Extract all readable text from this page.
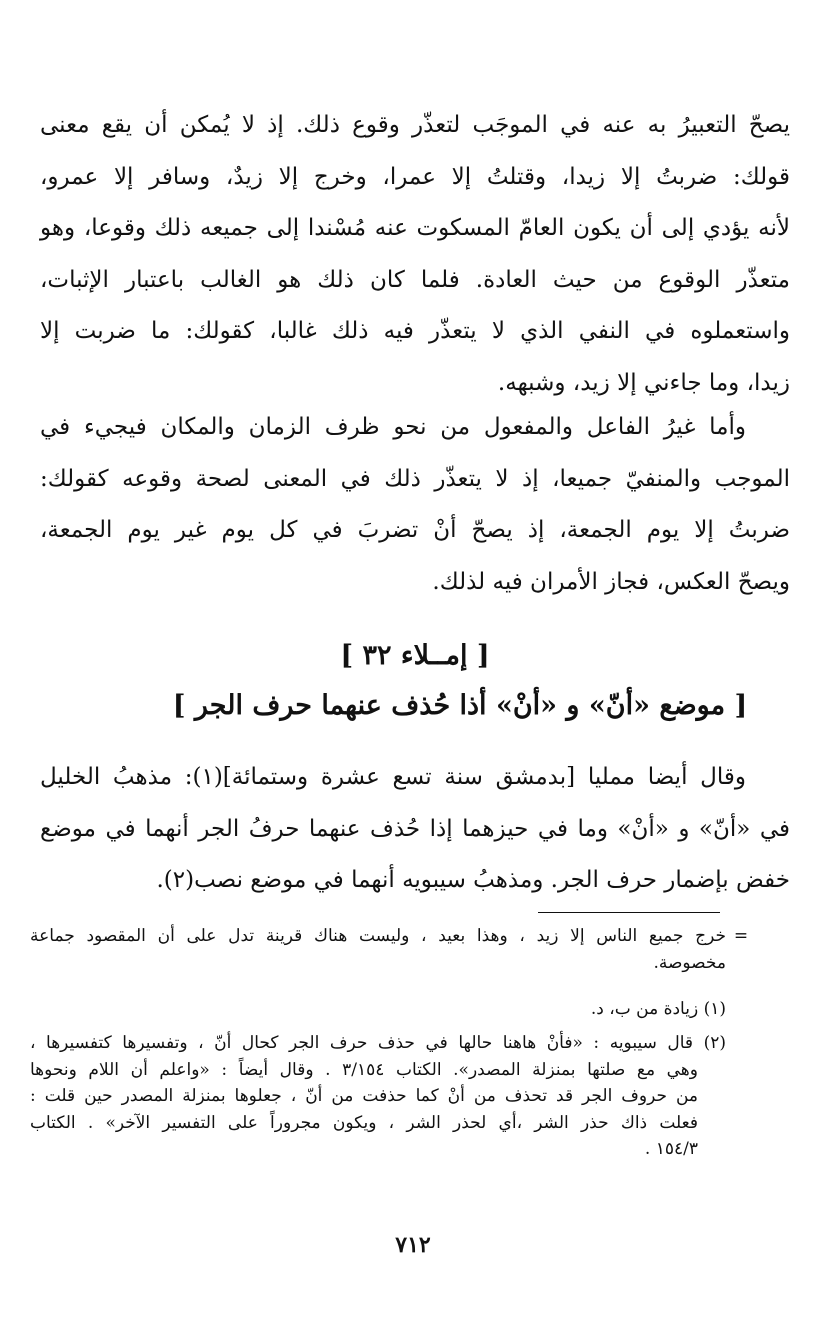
يصحّ التعبيرُ به عنه في الموجَب لتعذّر وقوع ذلك. إذ لا يُمكن أن يقع معنى
قولك: ضربتُ إلا زيدا، وقتلتُ إلا عمرا، وخرج إلا زيدٌ، وسافر إلا عمرو،
لأنه يؤدي إلى أن يكون العامّ المسكوت عنه مُسْندا إلى جميعه ذلك وقوعا، وهو
متعذّر الوقوع من حيث العادة. فلما كان ذلك هو الغالب باعتبار الإثبات،
واستعملوه في النفي الذي لا يتعذّر فيه ذلك غالبا، كقولك: ما ضربت إلا
زيدا، وما جاءني إلا زيد، وشبهه.
وأما غيرُ الفاعل والمفعول من نحو ظرف الزمان والمكان فيجيء في
الموجب والمنفيّ جميعا، إذ لا يتعذّر ذلك في المعنى لصحة وقوعه كقولك:
ضربتُ إلا يوم الجمعة، إذ يصحّ أنْ تضربَ في كل يوم غير يوم الجمعة،
ويصحّ العكس، فجاز الأمران فيه لذلك.
[ إمــلاء ٣٢ ]
[ موضع «أنّ» و «أنْ» أذا حُذف عنهما حرف الجر ]
وقال أيضا ممليا [بدمشق سنة تسع عشرة وستمائة](١): مذهبُ الخليل
في «أنّ» و «أنْ» وما في حيزهما إذا حُذف عنهما حرفُ الجر أنهما في موضع
خفض بإضمار حرف الجر. ومذهبُ سيبويه أنهما في موضع نصب(٢).
=
خرج جميع الناس إلا زيد ، وهذا بعيد ، وليست هناك قرينة تدل على أن المقصود جماعة
مخصوصة.
(١) زيادة من ب، د.
(٢) قال سيبويه : «فأنْ هاهنا حالها في حذف حرف الجر كحال أنّ ، وتفسيرها كتفسيرها ،
وهي مع صلتها بمنزلة المصدر». الكتاب ٣/١٥٤ . وقال أيضاً : «واعلم أن اللام ونحوها
من حروف الجر قد تحذف من أنْ كما حذفت من أنّ ، جعلوها بمنزلة المصدر حين قلت :
فعلت ذاك حذر الشر ،أي لحذر الشر ، ويكون مجروراً على التفسير الآخر» . الكتاب
١٥٤/٣ .
٧١٢
